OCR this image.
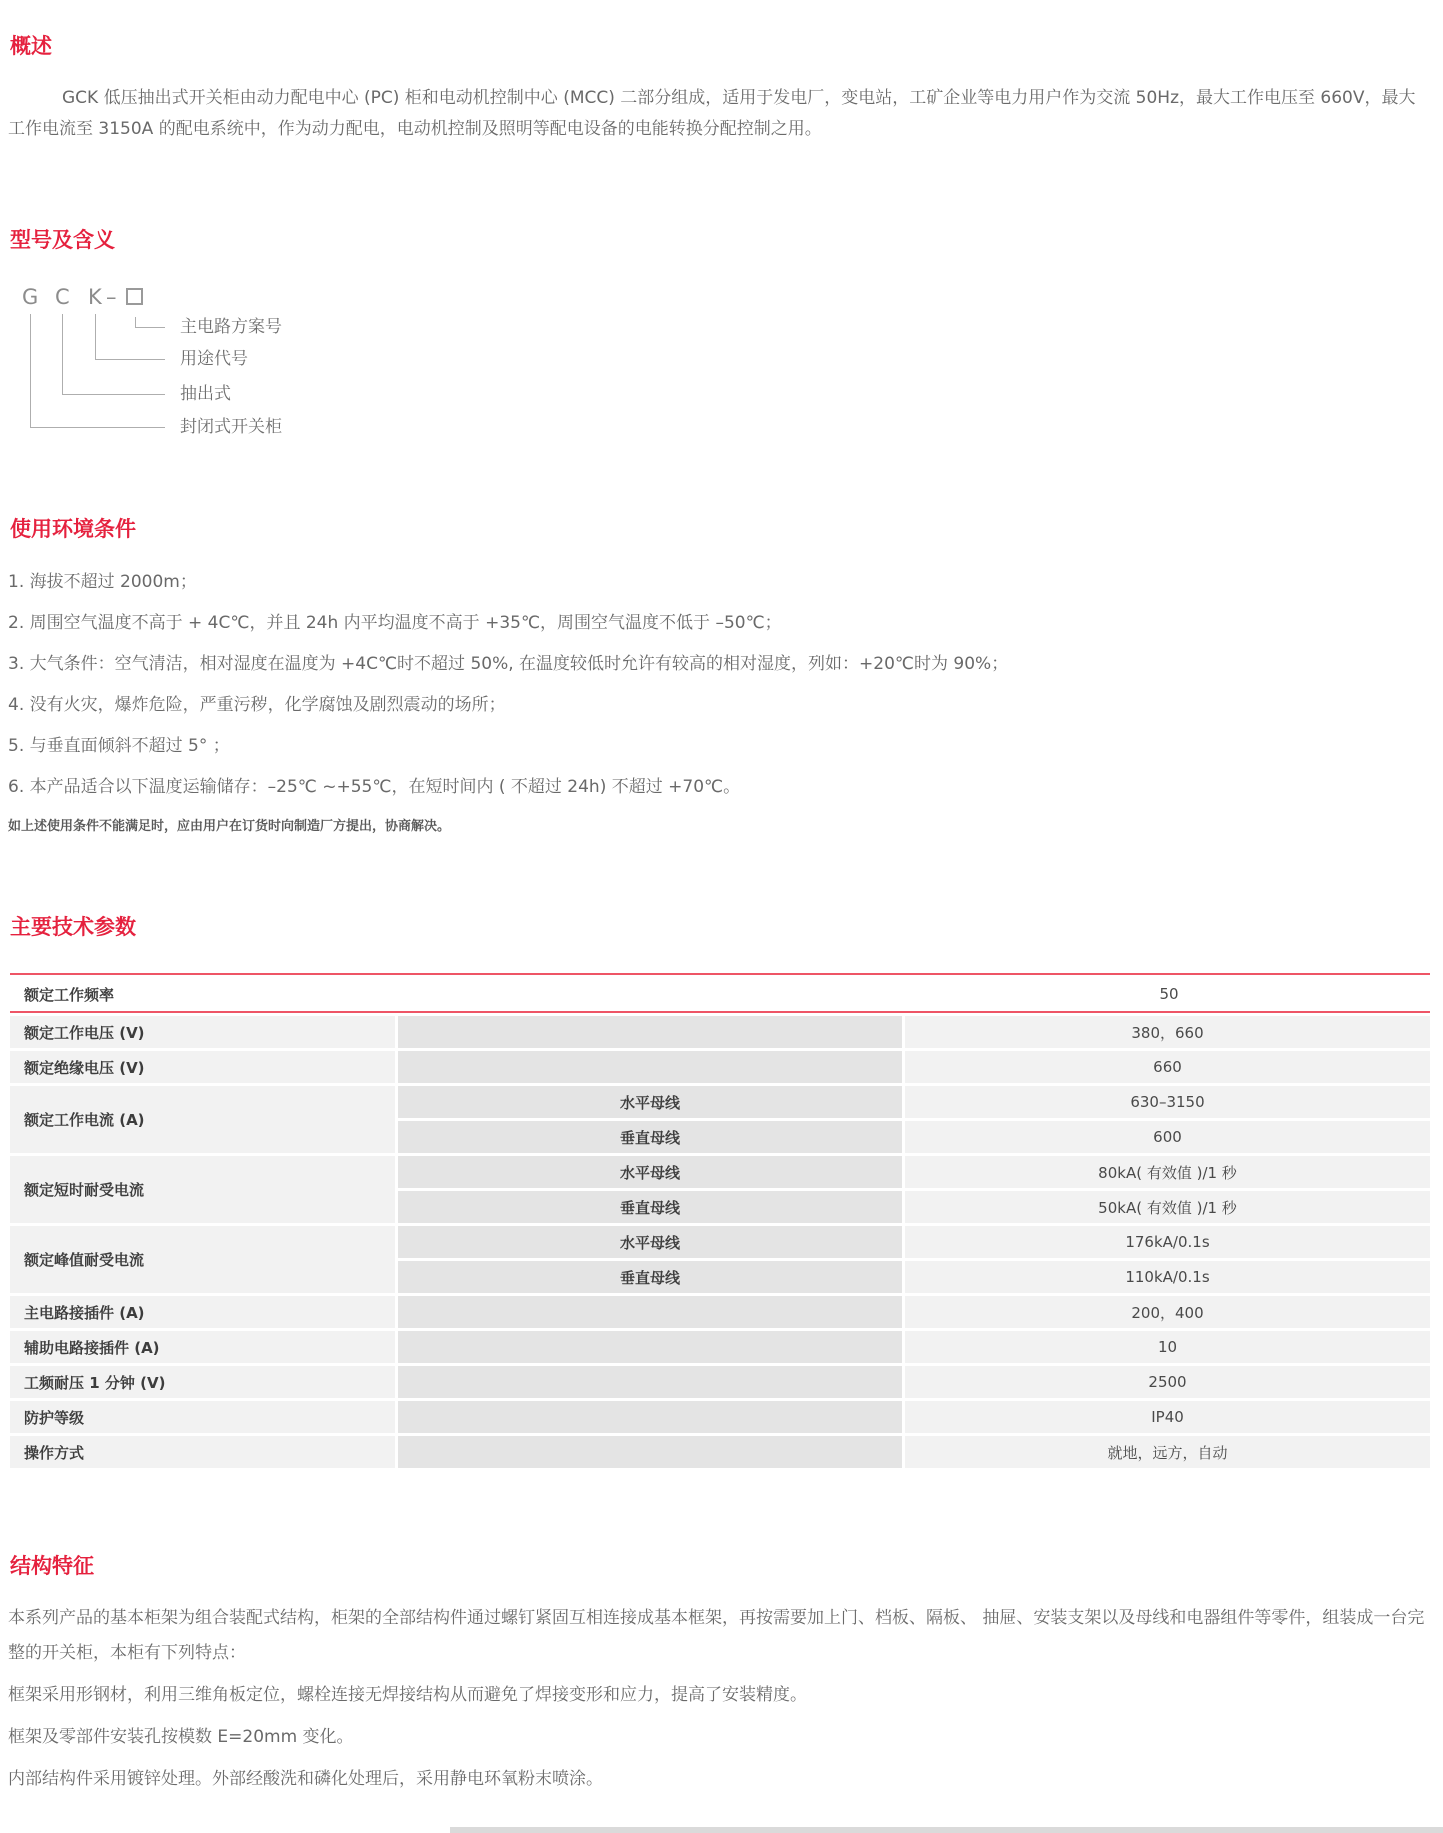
概述

GCK 低压抽出式开关柜由动力配电中心 (PC) 柜和电动机控制中心 (MCC) 二部分组成，适用于发电厂，变电站，工矿企业等电力用户作为交流 50Hz，最大工作电压至 660V，最大工作电流至 3150A 的配电系统中，作为动力配电，电动机控制及照明等配电设备的电能转换分配控制之用。

型号及含义
G C K –
主电路方案号
用途代号
抽出式
封闭式开关柜
使用环境条件
1. 海拔不超过 2000m；
2. 周围空气温度不高于 + 4C℃，并且 24h 内平均温度不高于 +35℃，周围空气温度不低于 –50℃；
3. 大气条件：空气清洁，相对湿度在温度为 +4C℃时不超过 50%, 在温度较低时允许有较高的相对湿度，列如：+20℃时为 90%；
4. 没有火灾，爆炸危险，严重污秽，化学腐蚀及剧烈震动的场所；
5. 与垂直面倾斜不超过 5° ；
6. 本产品适合以下温度运输储存：–25℃ ~+55℃，在短时间内 ( 不超过 24h) 不超过 +70℃。
如上述使用条件不能满足时，应由用户在订货时向制造厂方提出，协商解决。
主要技术参数
额定工作频率	50
额定工作电压 (V)	380，660
额定绝缘电压 (V)	660
额定工作电流 (A)
水平母线	630–3150
垂直母线	600
额定短时耐受电流
水平母线	80kA( 有效值 )/1 秒
垂直母线	50kA( 有效值 )/1 秒
额定峰值耐受电流
水平母线	176kA/0.1s
垂直母线	110kA/0.1s
主电路接插件 (A)	200，400
辅助电路接插件 (A)	10
工频耐压 1 分钟 (V)	2500
防护等级	IP40
操作方式	就地，远方，自动
结构特征

本系列产品的基本柜架为组合装配式结构，柜架的全部结构件通过螺钉紧固互相连接成基本框架，再按需要加上门、档板、隔板、 抽屉、安装支架以及母线和电器组件等零件，组装成一台完整的开关柜，本柜有下列特点：

框架采用形钢材，利用三维角板定位，螺栓连接无焊接结构从而避免了焊接变形和应力，提高了安装精度。

框架及零部件安装孔按模数 E=20mm 变化。

内部结构件采用镀锌处理。外部经酸洗和磷化处理后，采用静电环氧粉末喷涂。
